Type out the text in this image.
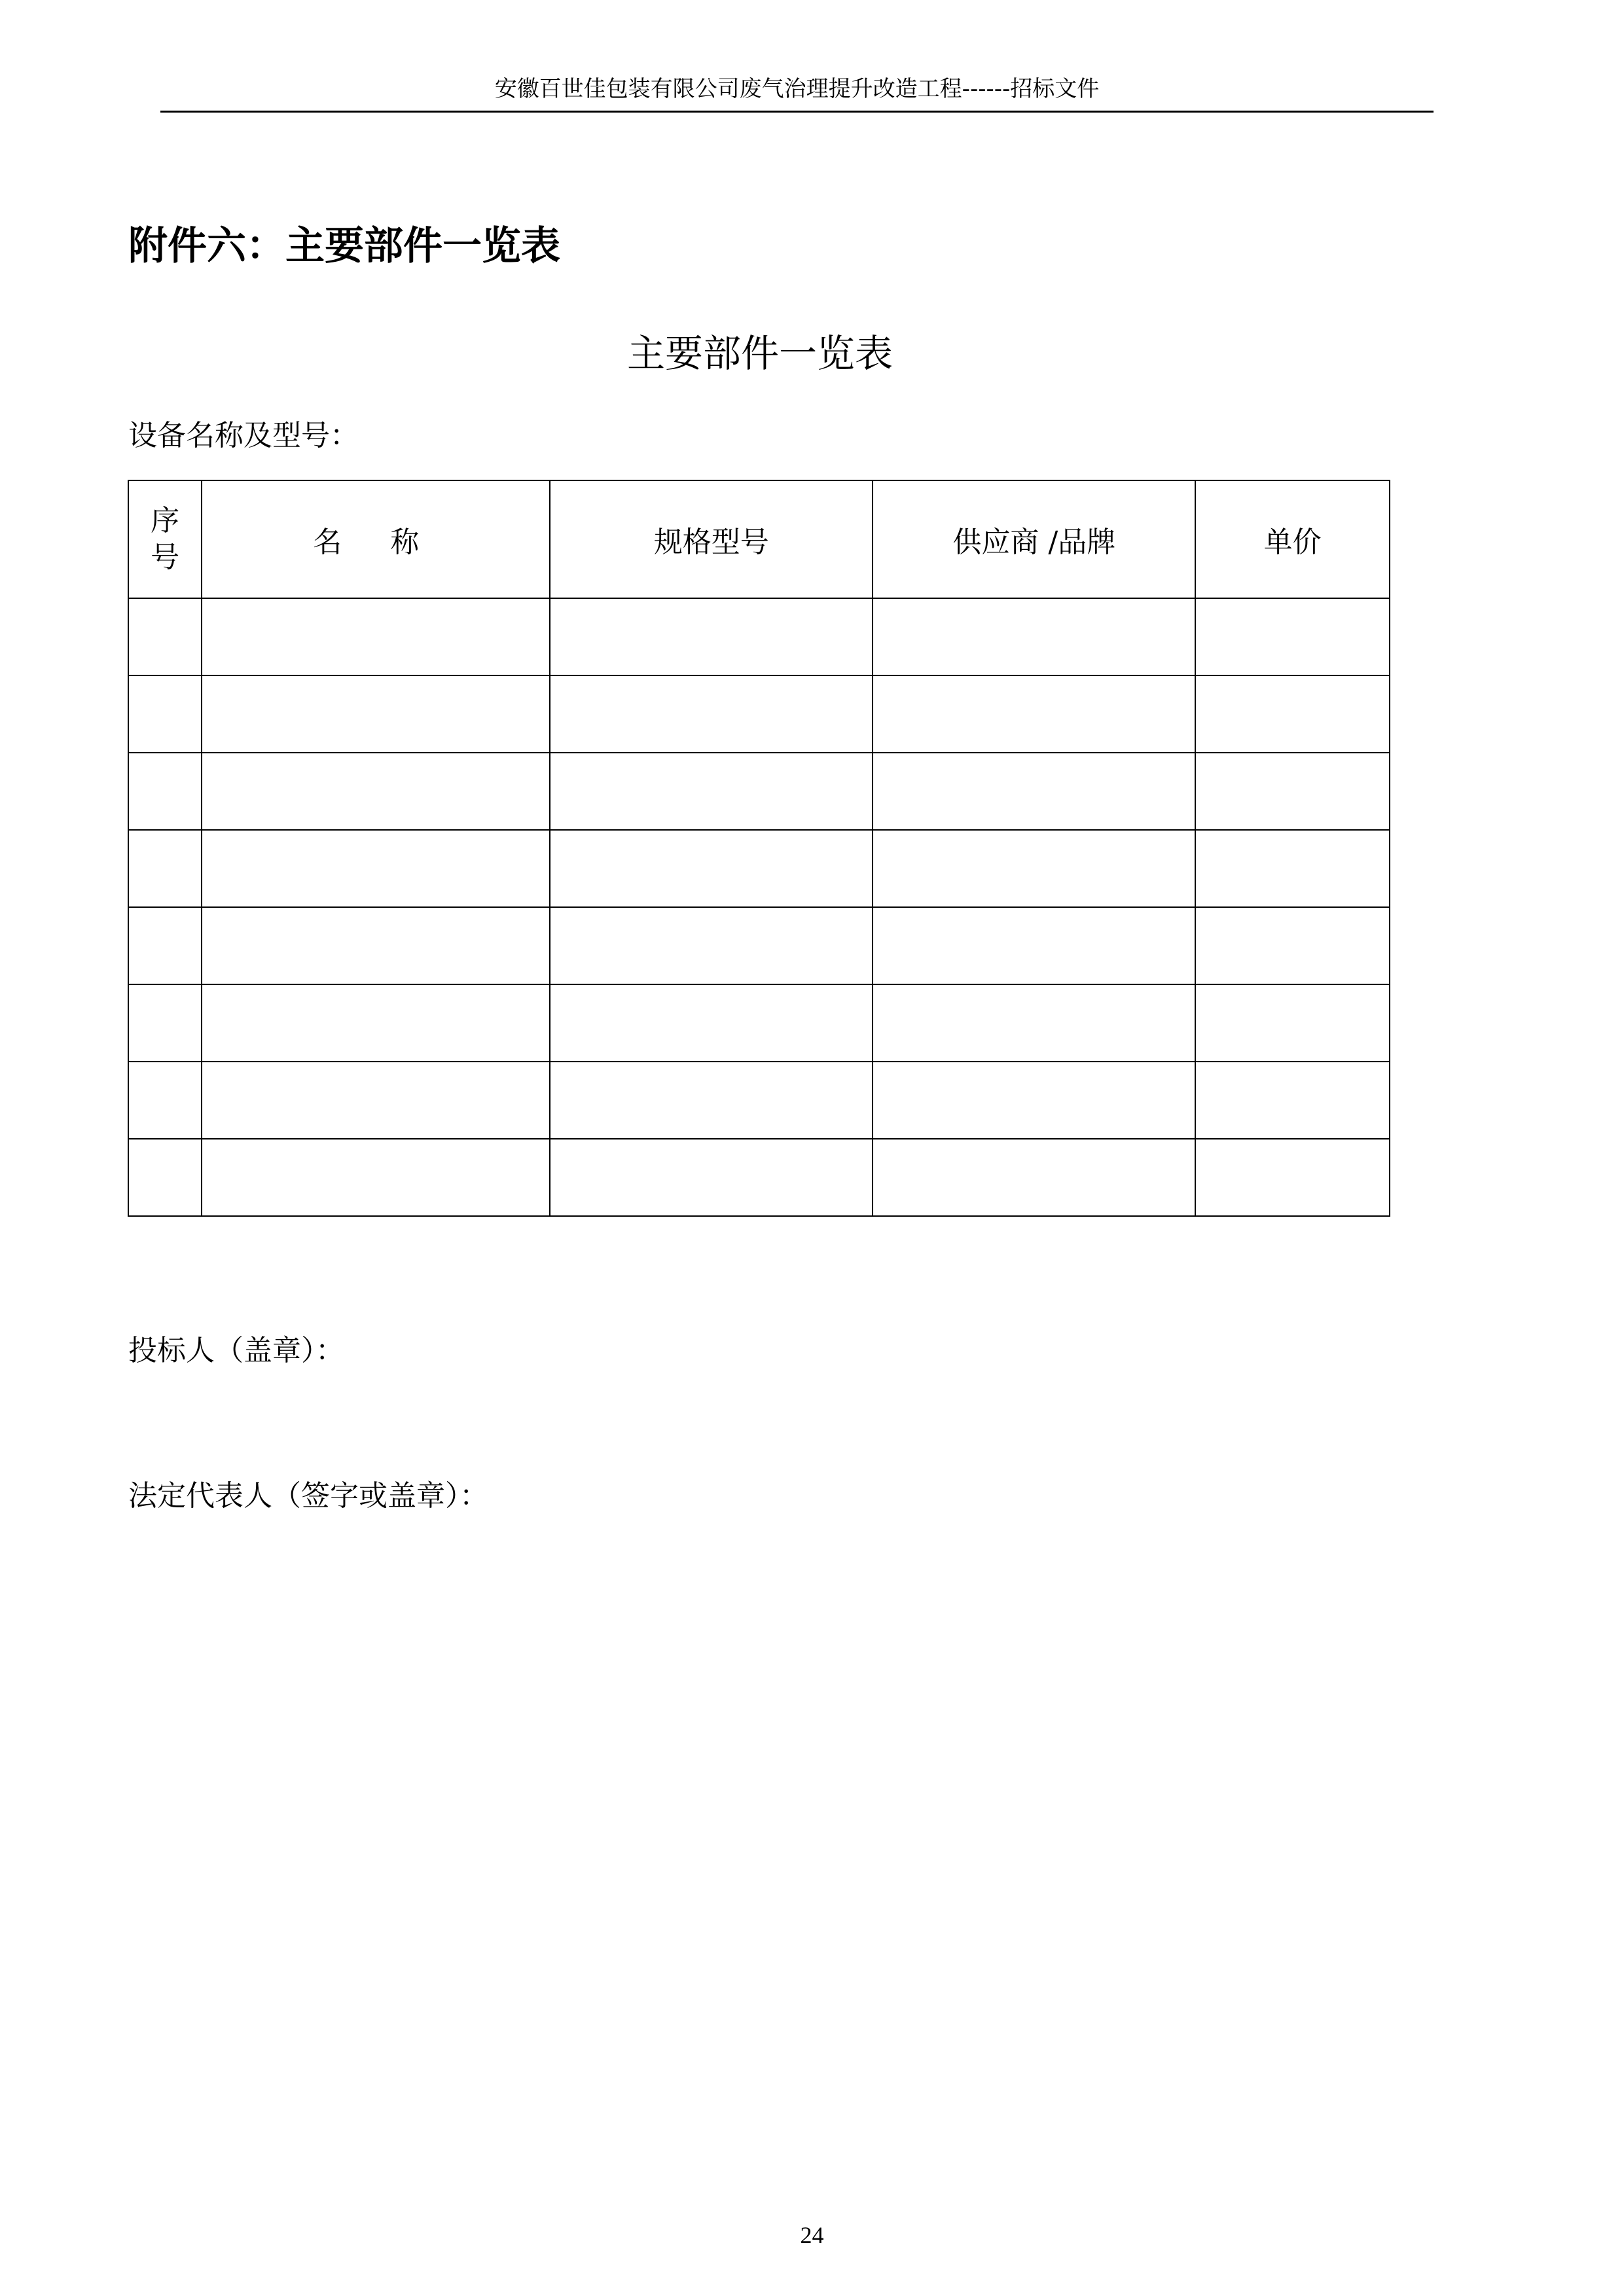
安徽百世佳包装有限公司废气治理提升改造工程------招标文件
附件六：主要部件一览表
主要部件一览表
设备名称及型号：
序号	名 称	规格型号	供应商 /品牌	单价

投标人（盖章）：
法定代表人（签字或盖章）：
24
